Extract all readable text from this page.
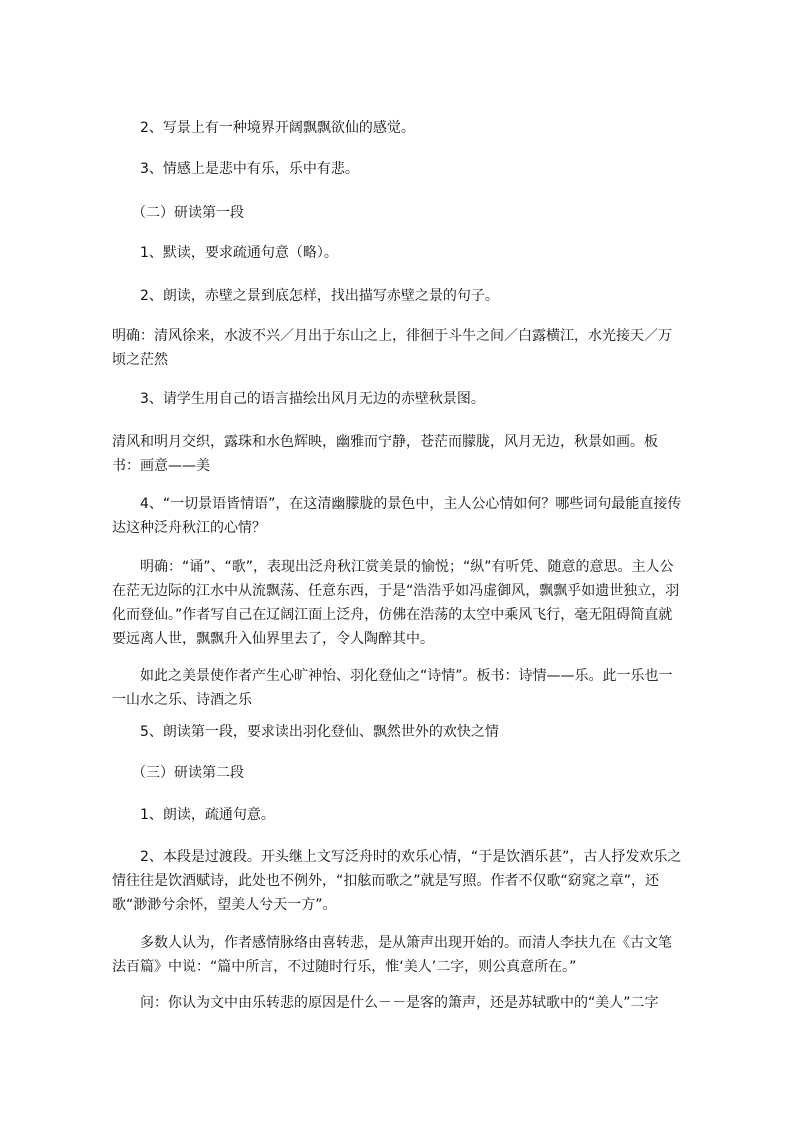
2、写景上有一种境界开阔飘飘欲仙的感觉。

3、情感上是悲中有乐，乐中有悲。

（二）研读第一段

1、默读，要求疏通句意（略）。

2、朗读，赤壁之景到底怎样，找出描写赤壁之景的句子。

明确：清风徐来，水波不兴／月出于东山之上，徘徊于斗牛之间／白露横江，水光接天／万顷之茫然

3、请学生用自己的语言描绘出风月无边的赤壁秋景图。

清风和明月交织，露珠和水色辉映，幽雅而宁静，苍茫而朦胧，风月无边，秋景如画。板书：画意——美

4、“一切景语皆情语”，在这清幽朦胧的景色中，主人公心情如何？哪些词句最能直接传达这种泛舟秋江的心情？

明确：“诵”、“歌”，表现出泛舟秋江赏美景的愉悦；“纵”有听凭、随意的意思。主人公在茫无边际的江水中从流飘荡、任意东西，于是“浩浩乎如冯虚御风，飘飘乎如遗世独立，羽化而登仙。”作者写自己在辽阔江面上泛舟，仿佛在浩荡的太空中乘风飞行，毫无阻碍简直就要远离人世，飘飘升入仙界里去了，令人陶醉其中。

如此之美景使作者产生心旷神怡、羽化登仙之“诗情”。板书：诗情——乐。此一乐也一一山水之乐、诗酒之乐

5、朗读第一段，要求读出羽化登仙、飘然世外的欢快之情

（三）研读第二段

1、朗读，疏通句意。

2、本段是过渡段。开头继上文写泛舟时的欢乐心情，“于是饮酒乐甚”，古人抒发欢乐之情往往是饮酒赋诗，此处也不例外，“扣舷而歌之”就是写照。作者不仅歌“窈窕之章”，还歌“渺渺兮余怀，望美人兮天一方”。

多数人认为，作者感情脉络由喜转悲，是从箫声出现开始的。而清人李扶九在《古文笔法百篇》中说：“篇中所言，不过随时行乐，惟‘美人’二字，则公真意所在。”

问：你认为文中由乐转悲的原因是什么－－是客的箫声，还是苏轼歌中的“美人”二字
